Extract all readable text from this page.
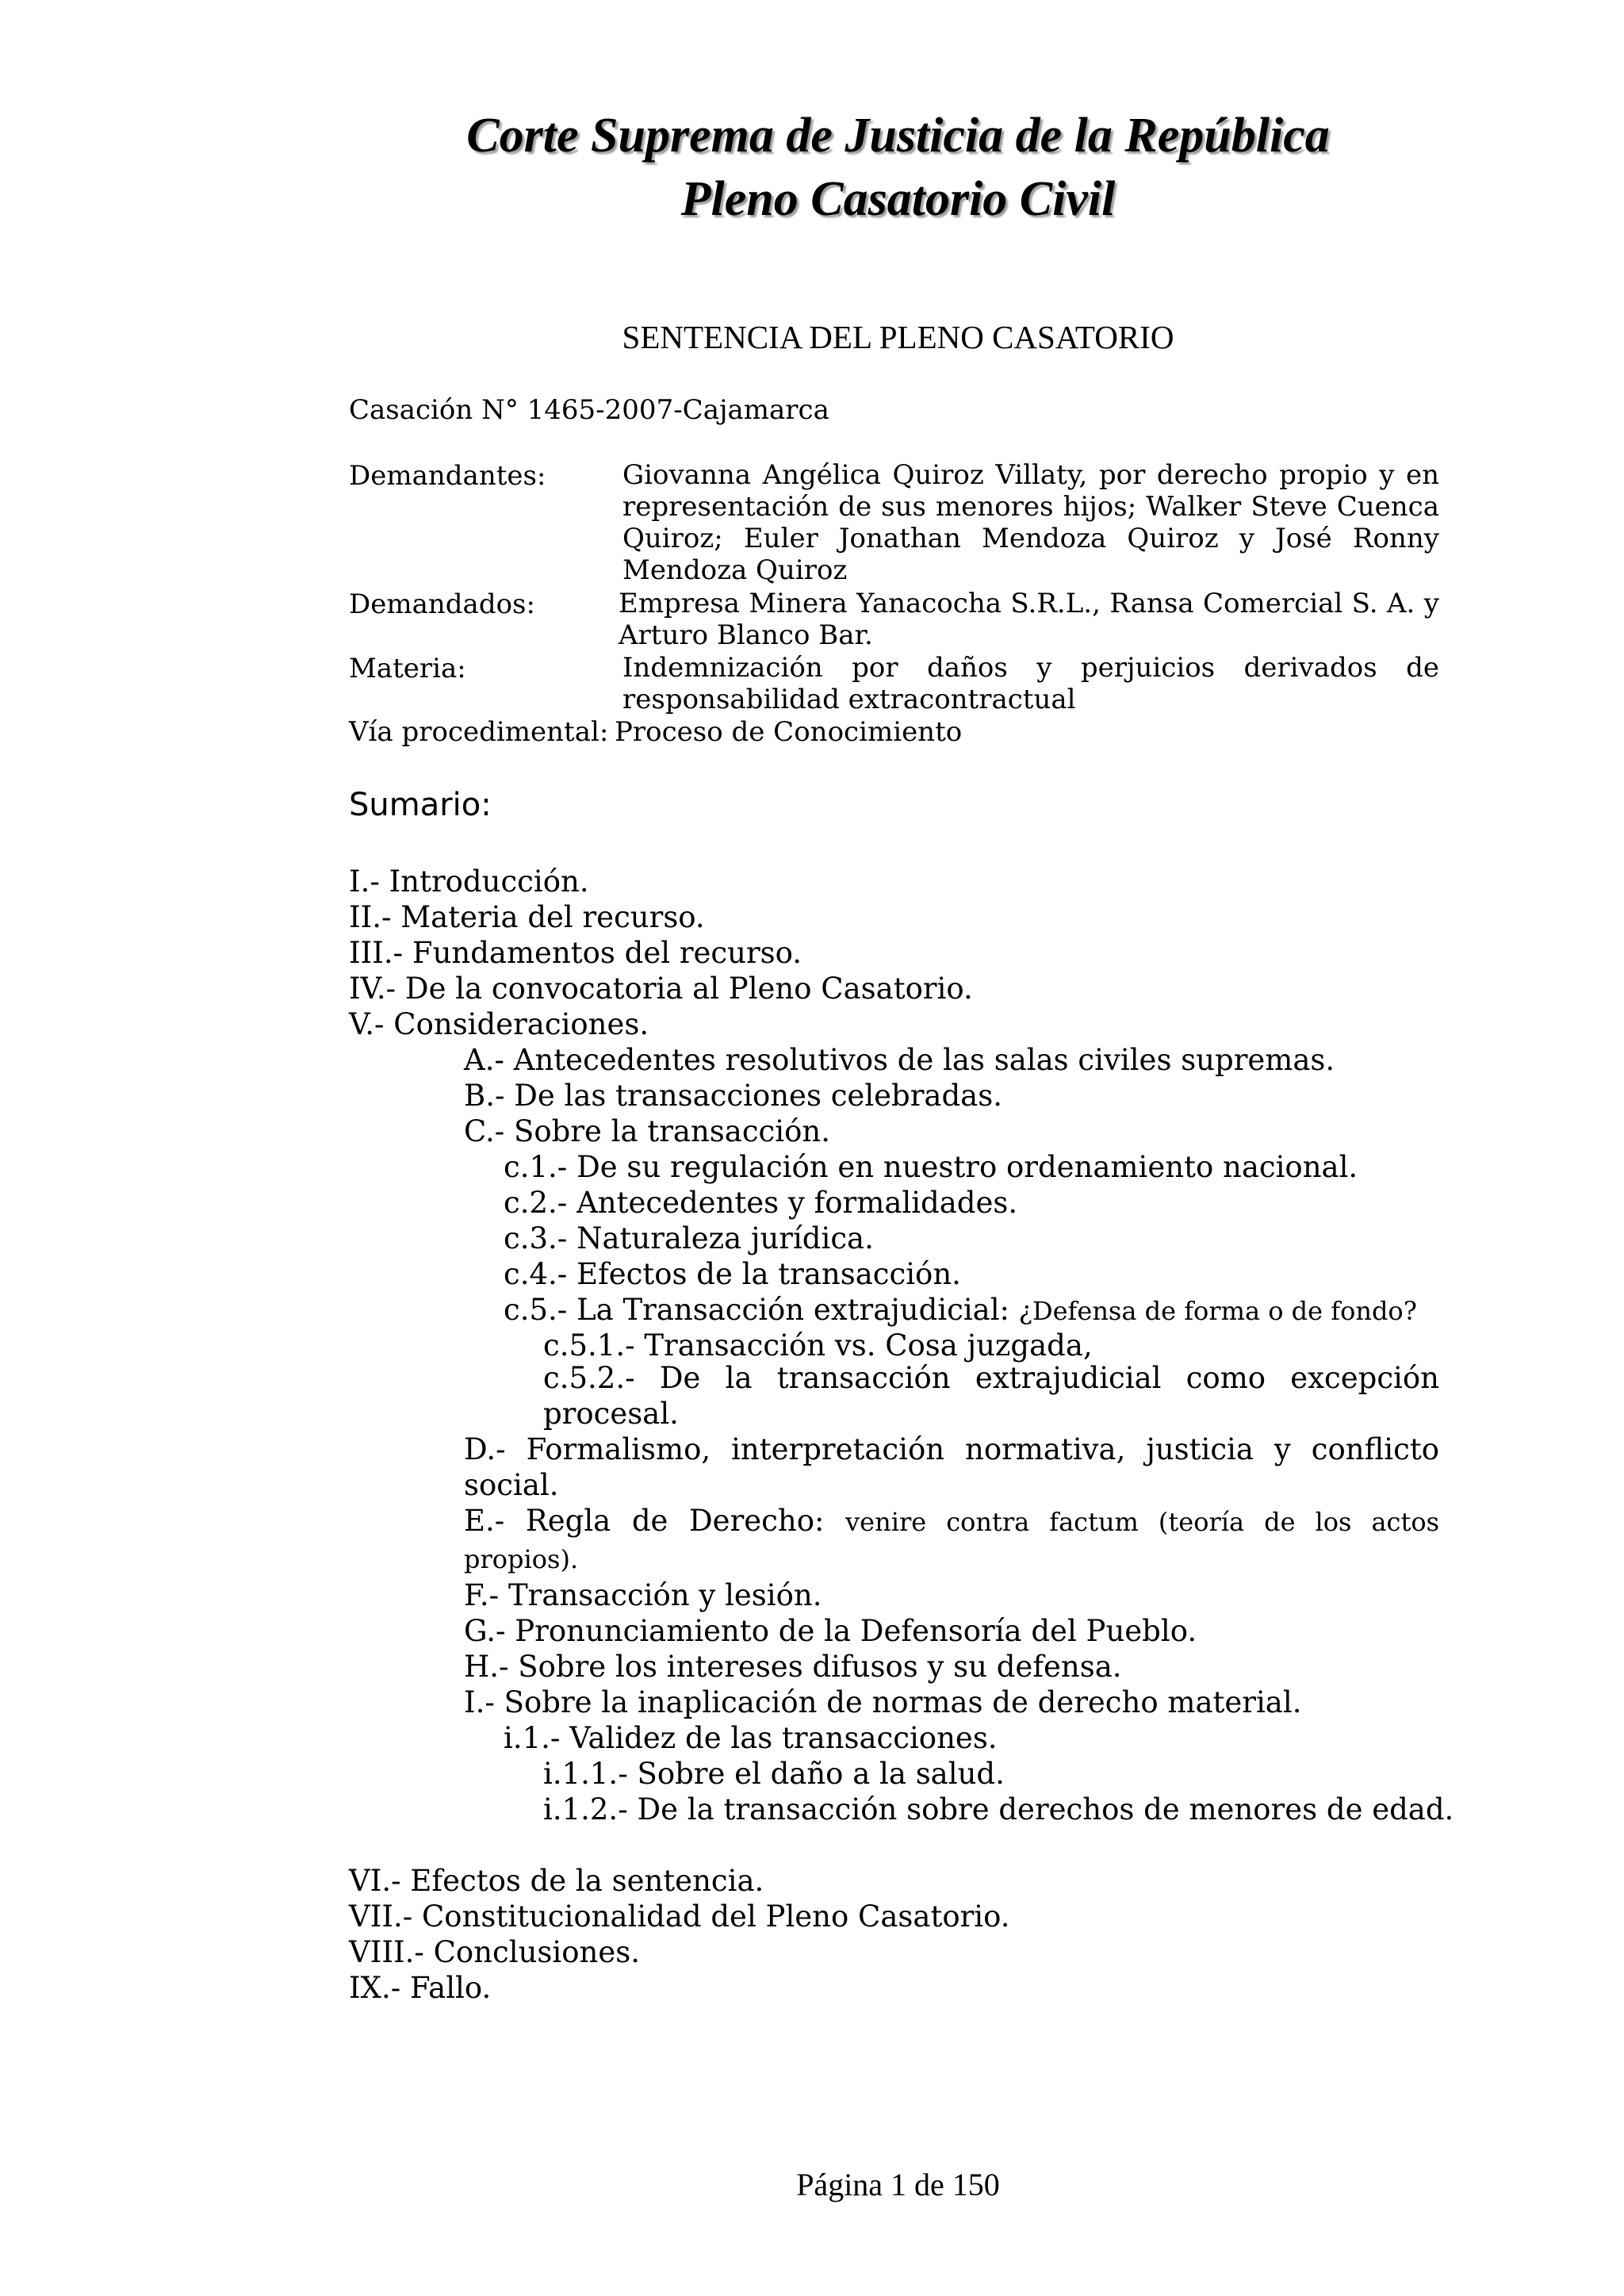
Corte Suprema de Justicia de la República
Pleno Casatorio Civil
SENTENCIA DEL PLENO CASATORIO
Casación N° 1465-2007-Cajamarca
Demandantes:	Giovanna Angélica Quiroz Villaty, por derecho propio y en representación de sus menores hijos; Walker Steve Cuenca Quiroz; Euler Jonathan Mendoza Quiroz y José Ronny Mendoza Quiroz
Demandados:	Empresa Minera Yanacocha S.R.L., Ransa Comercial S. A. y Arturo Blanco Bar.
Materia:	Indemnización por daños y perjuicios derivados de responsabilidad extracontractual
Vía procedimental: Proceso de Conocimiento
Sumario:
I.- Introducción.
II.- Materia del recurso.
III.- Fundamentos del recurso.
IV.- De la convocatoria al Pleno Casatorio.
V.- Consideraciones.
A.- Antecedentes resolutivos de las salas civiles supremas.
B.- De las transacciones celebradas.
C.- Sobre la transacción.
c.1.- De su regulación en nuestro ordenamiento nacional.
c.2.- Antecedentes y formalidades.
c.3.- Naturaleza jurídica.
c.4.- Efectos de la transacción.
c.5.- La Transacción extrajudicial: ¿Defensa de forma o de fondo?
c.5.1.- Transacción vs. Cosa juzgada,
c.5.2.- De la transacción extrajudicial como excepción procesal.
D.- Formalismo, interpretación normativa, justicia y conflicto social.
E.- Regla de Derecho: venire contra factum (teoría de los actos propios).
F.- Transacción y lesión.
G.- Pronunciamiento de la Defensoría del Pueblo.
H.- Sobre los intereses difusos y su defensa.
I.- Sobre la inaplicación de normas de derecho material.
i.1.- Validez de las transacciones.
i.1.1.- Sobre el daño a la salud.
i.1.2.- De la transacción sobre derechos de menores de edad.
VI.- Efectos de la sentencia.
VII.- Constitucionalidad del Pleno Casatorio.
VIII.- Conclusiones.
IX.- Fallo.
Página 1 de 150
